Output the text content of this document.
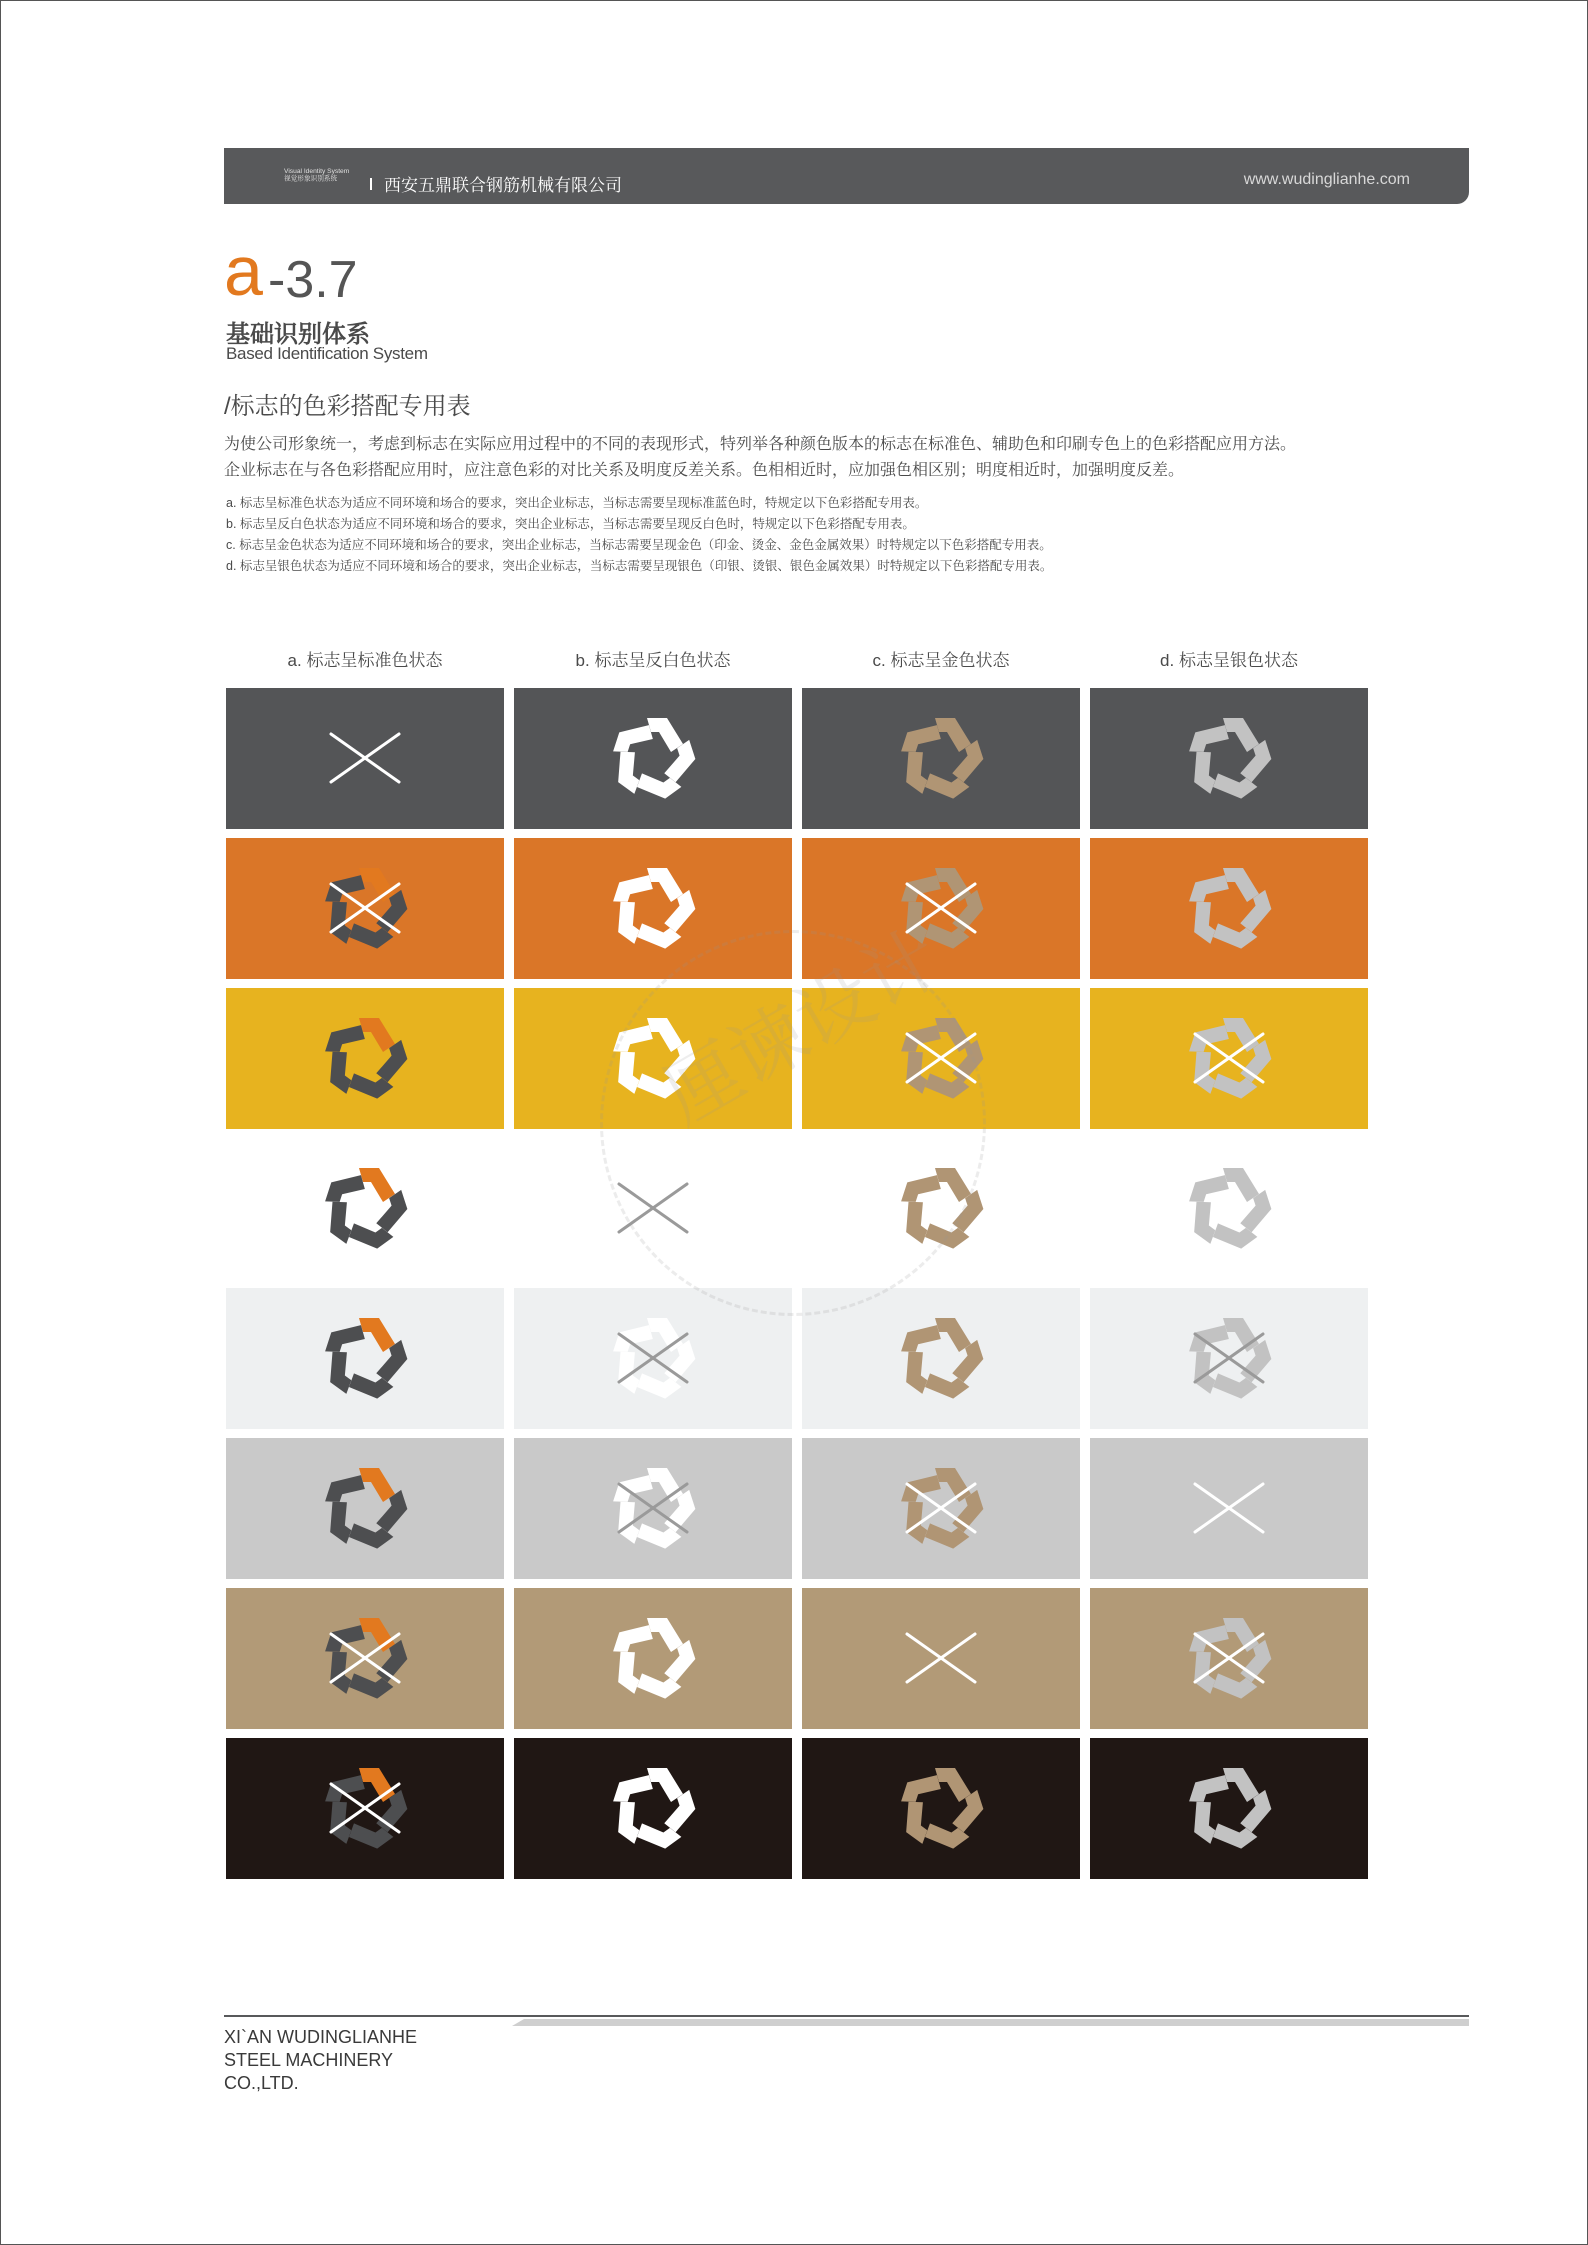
Visual Identity System
视觉形象识别系统	西安五鼎联合钢筋机械有限公司	www.wudinglianhe.com
a -3.7
基础识别体系
Based Identification System
/标志的色彩搭配专用表
为使公司形象统一，考虑到标志在实际应用过程中的不同的表现形式，特列举各种颜色版本的标志在标准色、辅助色和印刷专色上的色彩搭配应用方法。
企业标志在与各色彩搭配应用时，应注意色彩的对比关系及明度反差关系。色相相近时，应加强色相区别；明度相近时，加强明度反差。
a. 标志呈标准色状态为适应不同环境和场合的要求，突出企业标志，当标志需要呈现标准蓝色时，特规定以下色彩搭配专用表。
b. 标志呈反白色状态为适应不同环境和场合的要求，突出企业标志，当标志需要呈现反白色时，特规定以下色彩搭配专用表。
c. 标志呈金色状态为适应不同环境和场合的要求，突出企业标志，当标志需要呈现金色（印金、烫金、金色金属效果）时特规定以下色彩搭配专用表。
d. 标志呈银色状态为适应不同环境和场合的要求，突出企业标志，当标志需要呈现银色（印银、烫银、银色金属效果）时特规定以下色彩搭配专用表。
a. 标志呈标准色状态	b. 标志呈反白色状态	c. 标志呈金色状态	d. 标志呈银色状态
XI`AN WUDINGLIANHE
STEEL MACHINERY
CO.,LTD.
